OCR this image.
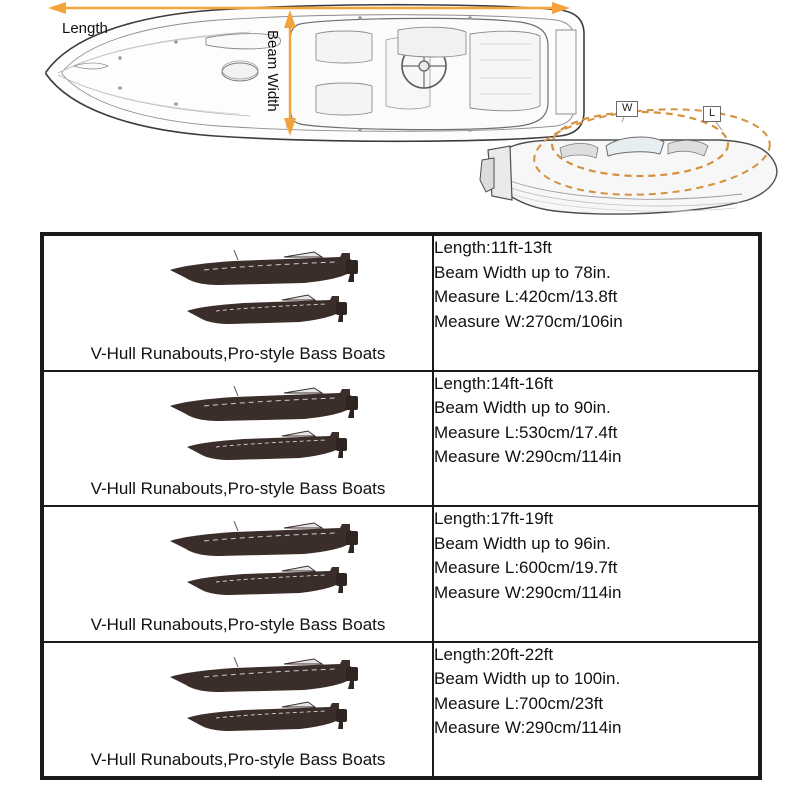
Length
Beam Width	W	L
V-Hull Runabouts,Pro-style Bass Boats	Length:11ft-13ft
Beam Width up to 78in.
Measure L:420cm/13.8ft
Measure W:270cm/106in

V-Hull Runabouts,Pro-style Bass Boats	Length:14ft-16ft
Beam Width up to 90in.
Measure L:530cm/17.4ft
Measure W:290cm/114in

V-Hull Runabouts,Pro-style Bass Boats	Length:17ft-19ft
Beam Width up to 96in.
Measure L:600cm/19.7ft
Measure W:290cm/114in

V-Hull Runabouts,Pro-style Bass Boats	Length:20ft-22ft
Beam Width up to 100in.
Measure L:700cm/23ft
Measure W:290cm/114in
